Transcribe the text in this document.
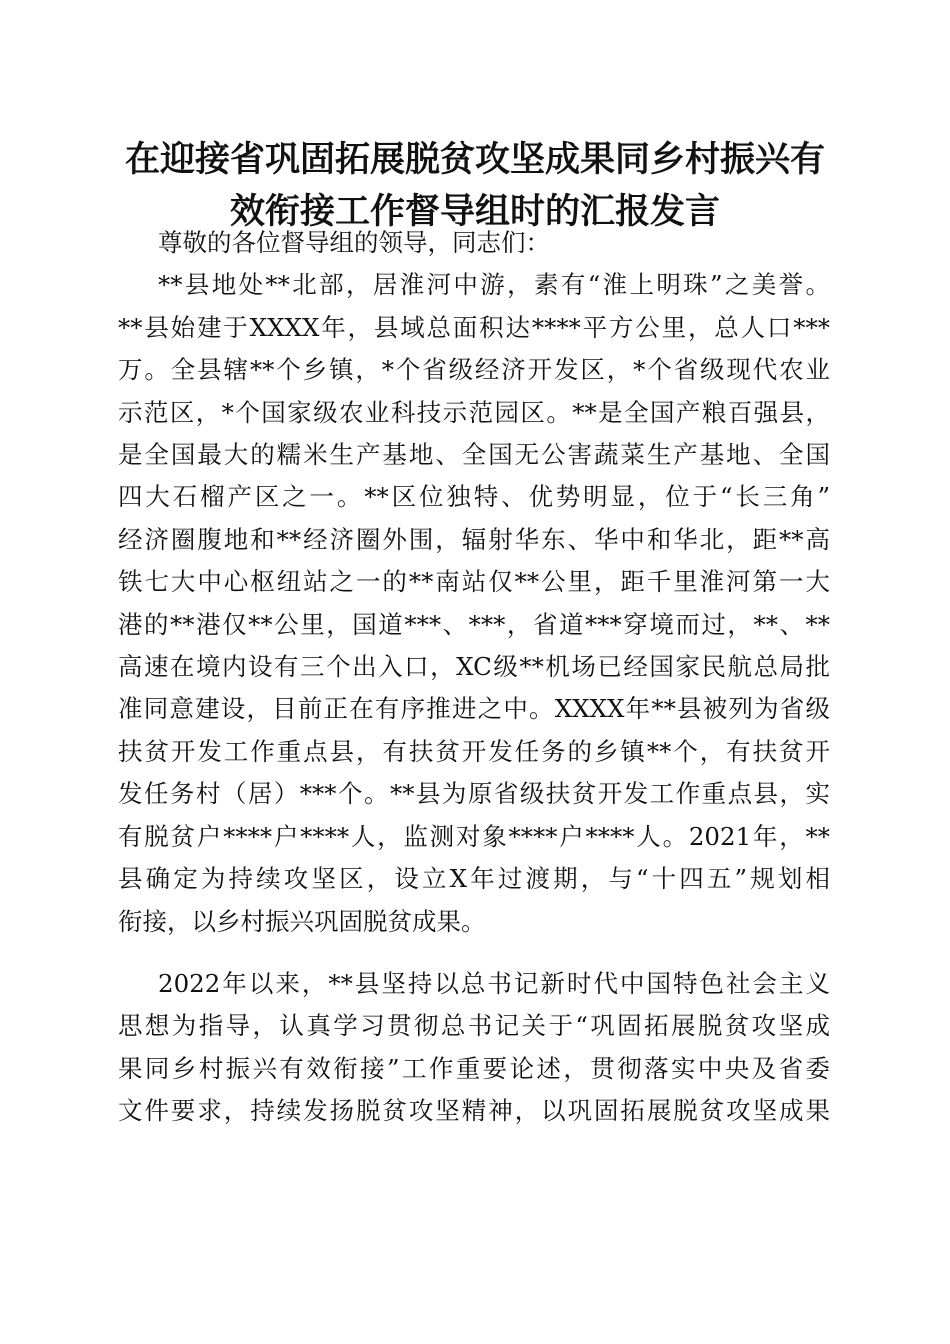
在迎接省巩固拓展脱贫攻坚成果同乡村振兴有
效衔接工作督导组时的汇报发言
尊敬的各位督导组的领导，同志们：
**县地处**北部，居淮河中游，素有“淮上明珠”之美誉。
**县始建于XXXX年，县域总面积达****平方公里，总人口***
万。全县辖**个乡镇，*个省级经济开发区，*个省级现代农业
示范区，*个国家级农业科技示范园区。**是全国产粮百强县，
是全国最大的糯米生产基地、全国无公害蔬菜生产基地、全国
四大石榴产区之一。**区位独特、优势明显，位于“长三角”
经济圈腹地和**经济圈外围，辐射华东、华中和华北，距**高
铁七大中心枢纽站之一的**南站仅**公里，距千里淮河第一大
港的**港仅**公里，国道***、***，省道***穿境而过，**、**
高速在境内设有三个出入口，XC级**机场已经国家民航总局批
准同意建设，目前正在有序推进之中。XXXX年**县被列为省级
扶贫开发工作重点县，有扶贫开发任务的乡镇**个，有扶贫开
发任务村（居）***个。**县为原省级扶贫开发工作重点县，实
有脱贫户****户****人，监测对象****户****人。2021年，**
县确定为持续攻坚区，设立X年过渡期，与“十四五”规划相
衔接，以乡村振兴巩固脱贫成果。
2022年以来，**县坚持以总书记新时代中国特色社会主义
思想为指导，认真学习贯彻总书记关于“巩固拓展脱贫攻坚成
果同乡村振兴有效衔接”工作重要论述，贯彻落实中央及省委
文件要求，持续发扬脱贫攻坚精神，以巩固拓展脱贫攻坚成果
